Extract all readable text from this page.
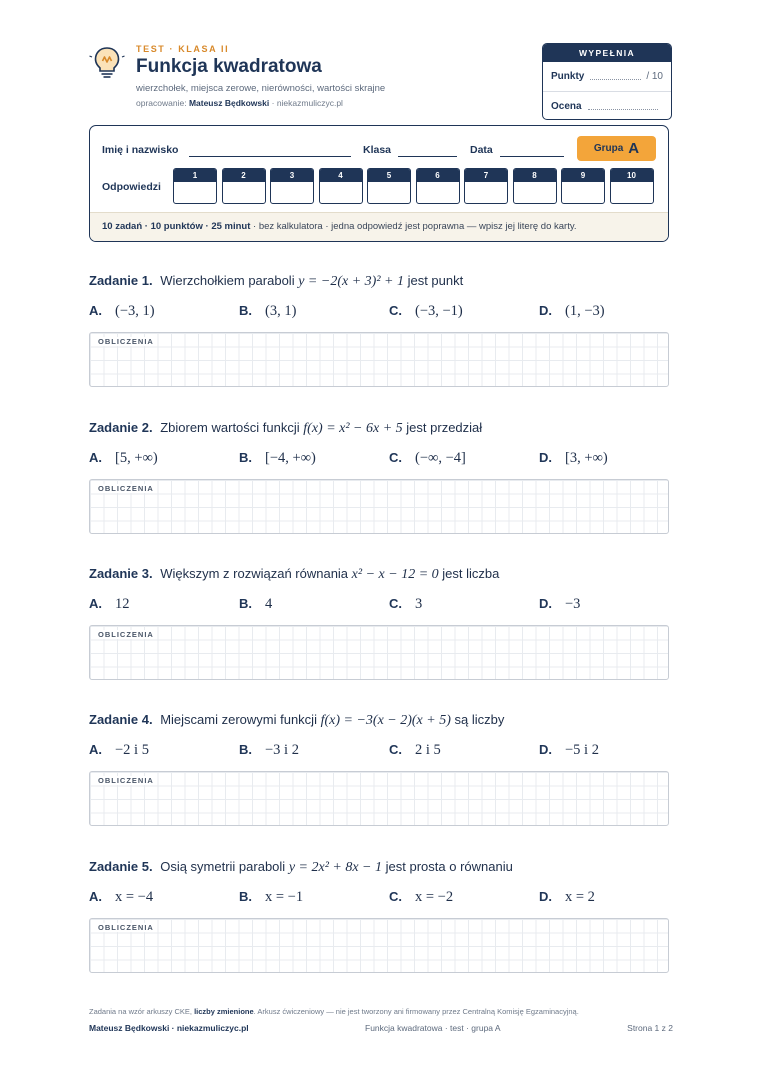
TEST · KLASA II
Funkcja kwadratowa
wierzchołek, miejsca zerowe, nierówności, wartości skrajne
opracowanie: Mateusz Będkowski · niekazmuliczyc.pl
WYPEŁNIA NAUCZYCIEL
Punkty	/ 10
Ocena
Imię i nazwisko	Klasa	Data	Grupa A
Odpowiedzi
1	2	3	4	5	6	7	8	9	10
10 zadań · 10 punktów · 25 minut · bez kalkulatora · jedna odpowiedź jest poprawna — wpisz jej literę do karty.
Zadanie 1. Wierzchołkiem paraboli y = −2(x + 3)² + 1 jest punkt
A. (−3, 1)	B. (3, 1)	C. (−3, −1)	D. (1, −3)
OBLICZENIA
Zadanie 2. Zbiorem wartości funkcji f(x) = x² − 6x + 5 jest przedział
A. [5, +∞)	B. [−4, +∞)	C. (−∞, −4]	D. [3, +∞)
OBLICZENIA
Zadanie 3. Większym z rozwiązań równania x² − x − 12 = 0 jest liczba
A. 12	B. 4	C. 3	D. −3
OBLICZENIA
Zadanie 4. Miejscami zerowymi funkcji f(x) = −3(x − 2)(x + 5) są liczby
A. −2 i 5	B. −3 i 2	C. 2 i 5	D. −5 i 2
OBLICZENIA
Zadanie 5. Osią symetrii paraboli y = 2x² + 8x − 1 jest prosta o równaniu
A. x = −4	B. x = −1	C. x = −2	D. x = 2
OBLICZENIA
Zadania na wzór arkuszy CKE, liczby zmienione. Arkusz ćwiczeniowy — nie jest tworzony ani firmowany przez Centralną Komisję Egzaminacyjną.
Mateusz Będkowski · niekazmuliczyc.pl	Funkcja kwadratowa · test · grupa A	Strona 1 z 2
